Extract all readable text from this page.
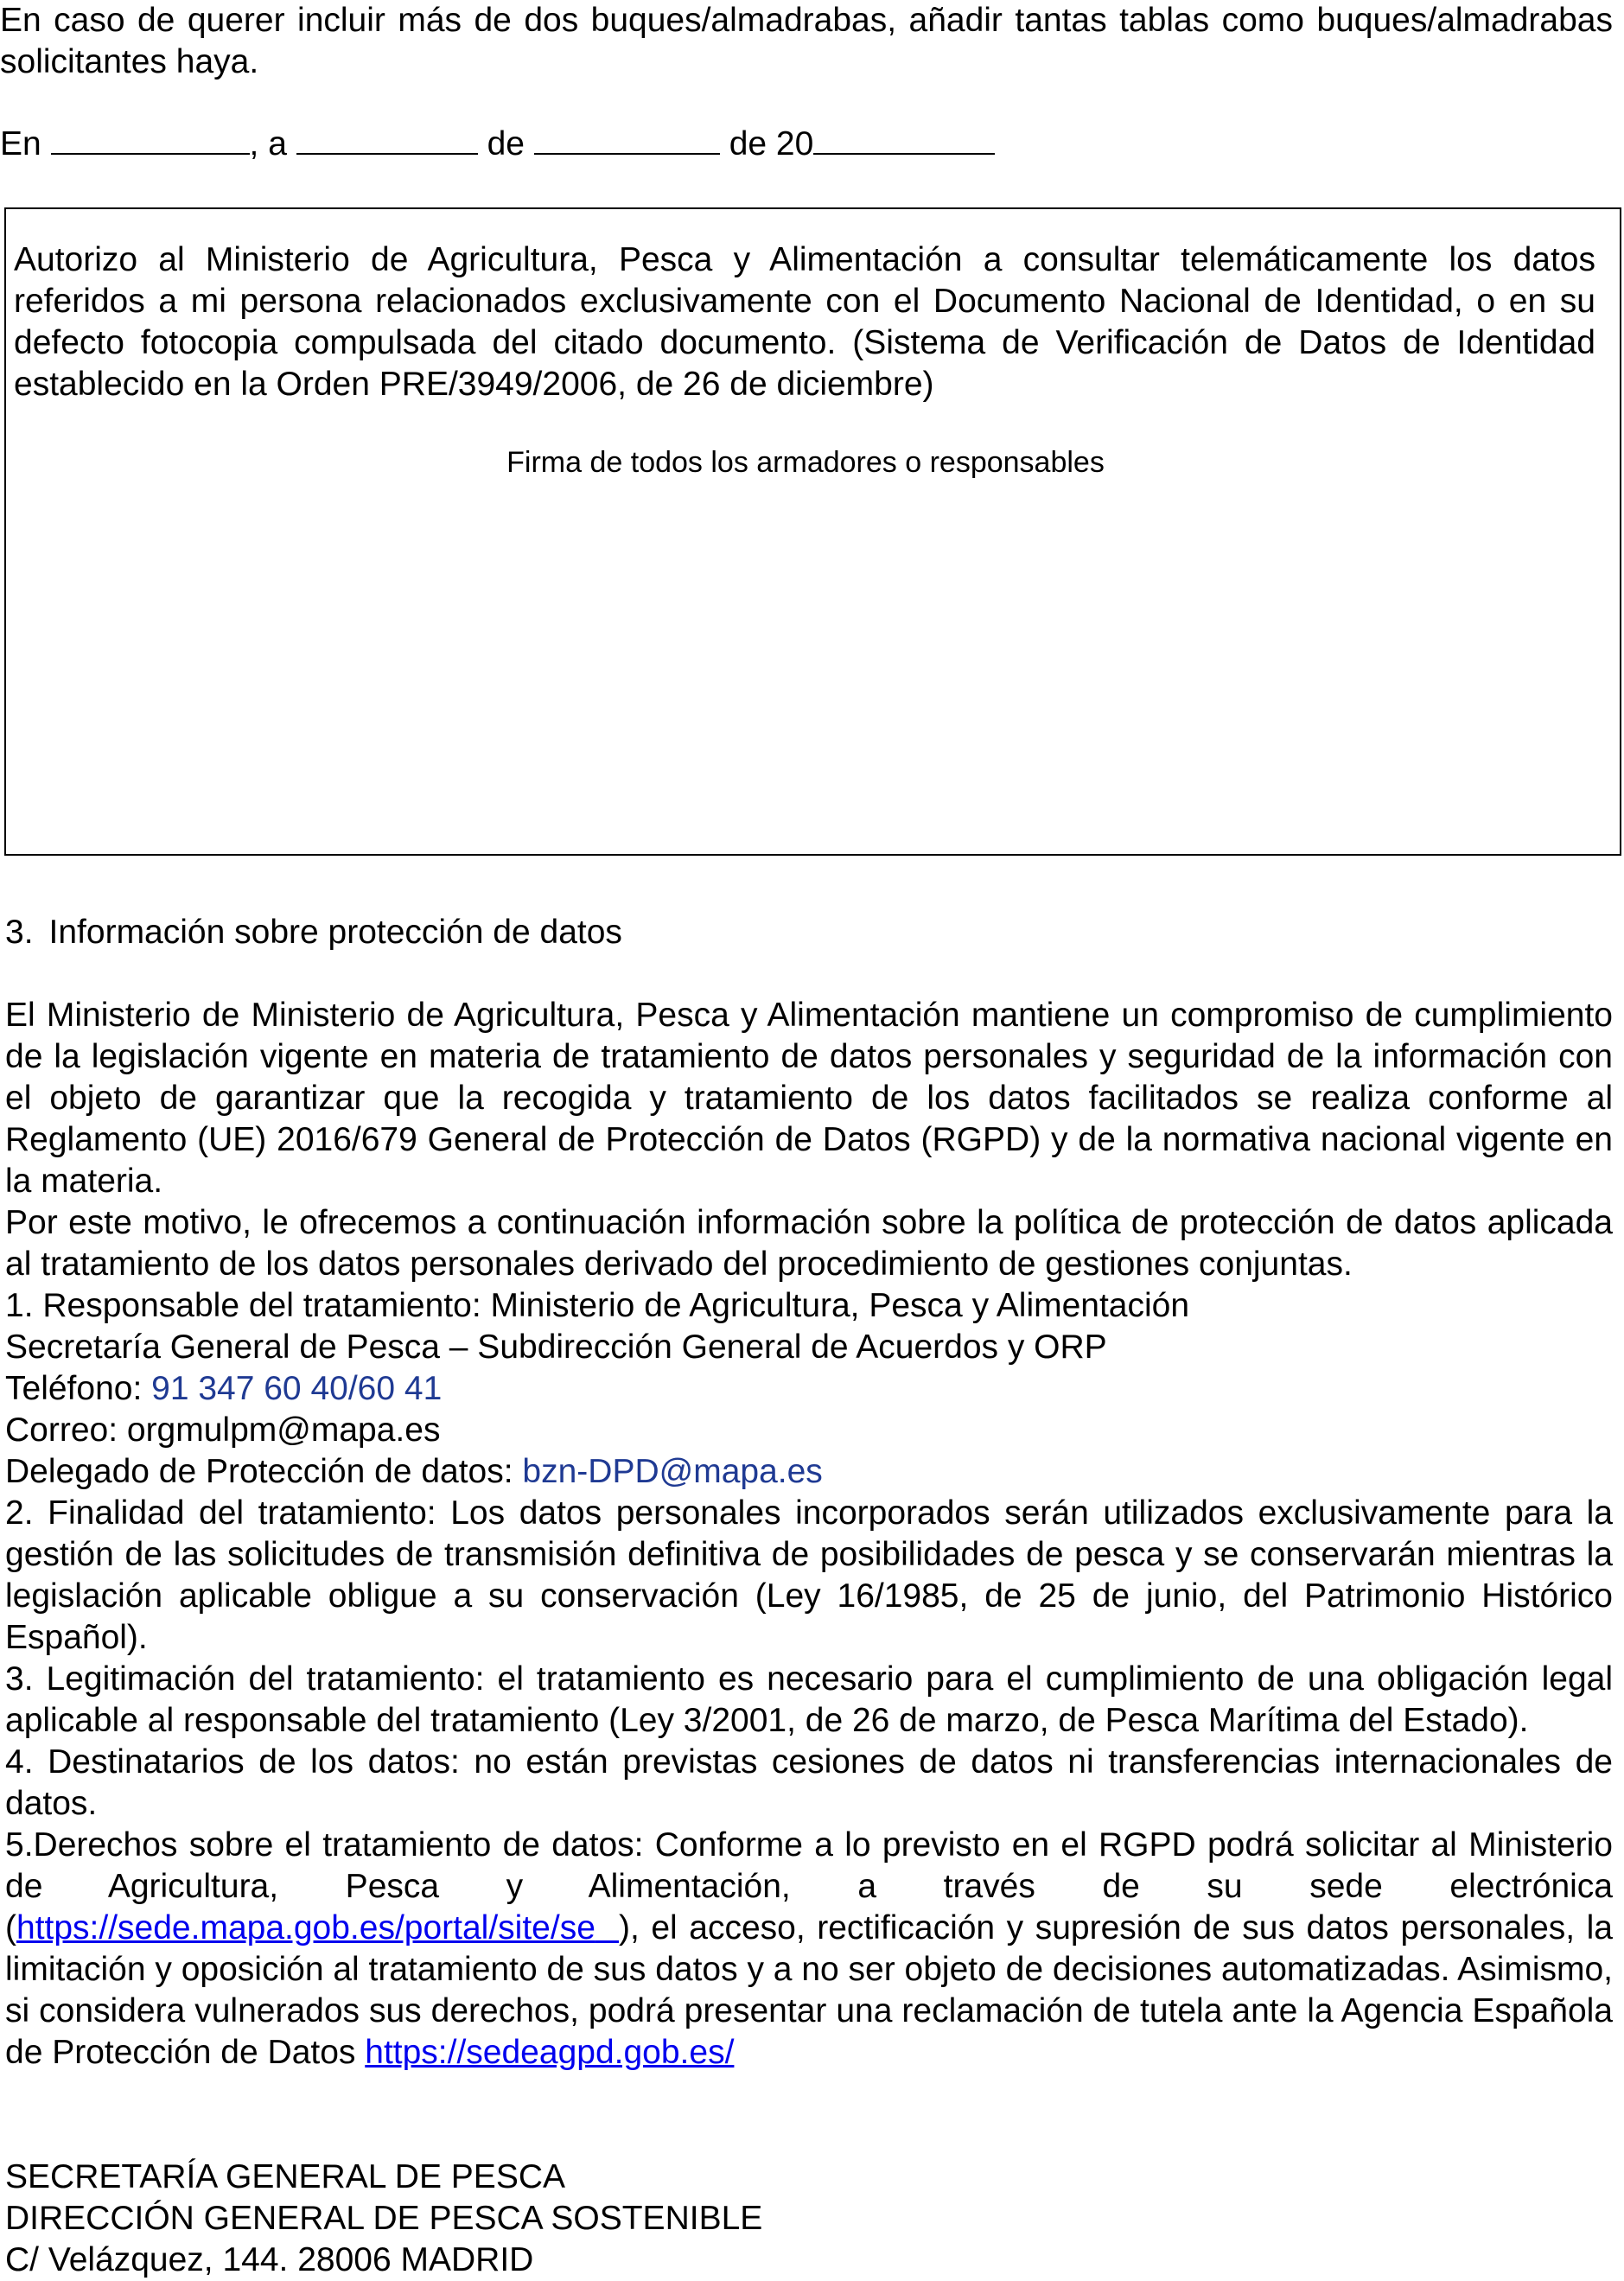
En caso de querer incluir más de dos buques/almadrabas, añadir tantas tablas como buques/almadrabas solicitantes haya.

En	, a	de	de 20

Autorizo al Ministerio de Agricultura, Pesca y Alimentación a consultar telemáticamente los datos referidos a mi persona relacionados exclusivamente con el Documento Nacional de Identidad, o en su defecto fotocopia compulsada del citado documento. (Sistema de Verificación de Datos de Identidad establecido en la Orden PRE/3949/2006, de 26 de diciembre)

Firma de todos los armadores o responsables
3. Información sobre protección de datos

El Ministerio de Ministerio de Agricultura, Pesca y Alimentación mantiene un compromiso de cumplimiento de la legislación vigente en materia de tratamiento de datos personales y seguridad de la información con el objeto de garantizar que la recogida y tratamiento de los datos facilitados se realiza conforme al Reglamento (UE) 2016/679 General de Protección de Datos (RGPD) y de la normativa nacional vigente en la materia.

Por este motivo, le ofrecemos a continuación información sobre la política de protección de datos aplicada al tratamiento de los datos personales derivado del procedimiento de gestiones conjuntas.

1. Responsable del tratamiento: Ministerio de Agricultura, Pesca y Alimentación

Secretaría General de Pesca – Subdirección General de Acuerdos y ORP

Teléfono: 91 347 60 40/60 41

Correo: orgmulpm@mapa.es

Delegado de Protección de datos: bzn-DPD@mapa.es

2. Finalidad del tratamiento: Los datos personales incorporados serán utilizados exclusivamente para la gestión de las solicitudes de transmisión definitiva de posibilidades de pesca y se conservarán mientras la legislación aplicable obligue a su conservación (Ley 16/1985, de 25 de junio, del Patrimonio Histórico Español).

3. Legitimación del tratamiento: el tratamiento es necesario para el cumplimiento de una obligación legal aplicable al responsable del tratamiento (Ley 3/2001, de 26 de marzo, de Pesca Marítima del Estado).

4. Destinatarios de los datos: no están previstas cesiones de datos ni transferencias internacionales de datos.

5.Derechos sobre el tratamiento de datos: Conforme a lo previsto en el RGPD podrá solicitar al Ministerio de Agricultura, Pesca y Alimentación, a través de su sede electrónica (https://sede.mapa.gob.es/portal/site/se ), el acceso, rectificación y supresión de sus datos personales, la limitación y oposición al tratamiento de sus datos y a no ser objeto de decisiones automatizadas. Asimismo, si considera vulnerados sus derechos, podrá presentar una reclamación de tutela ante la Agencia Española de Protección de Datos https://sedeagpd.gob.es/

SECRETARÍA GENERAL DE PESCA
DIRECCIÓN GENERAL DE PESCA SOSTENIBLE
C/ Velázquez, 144. 28006 MADRID
